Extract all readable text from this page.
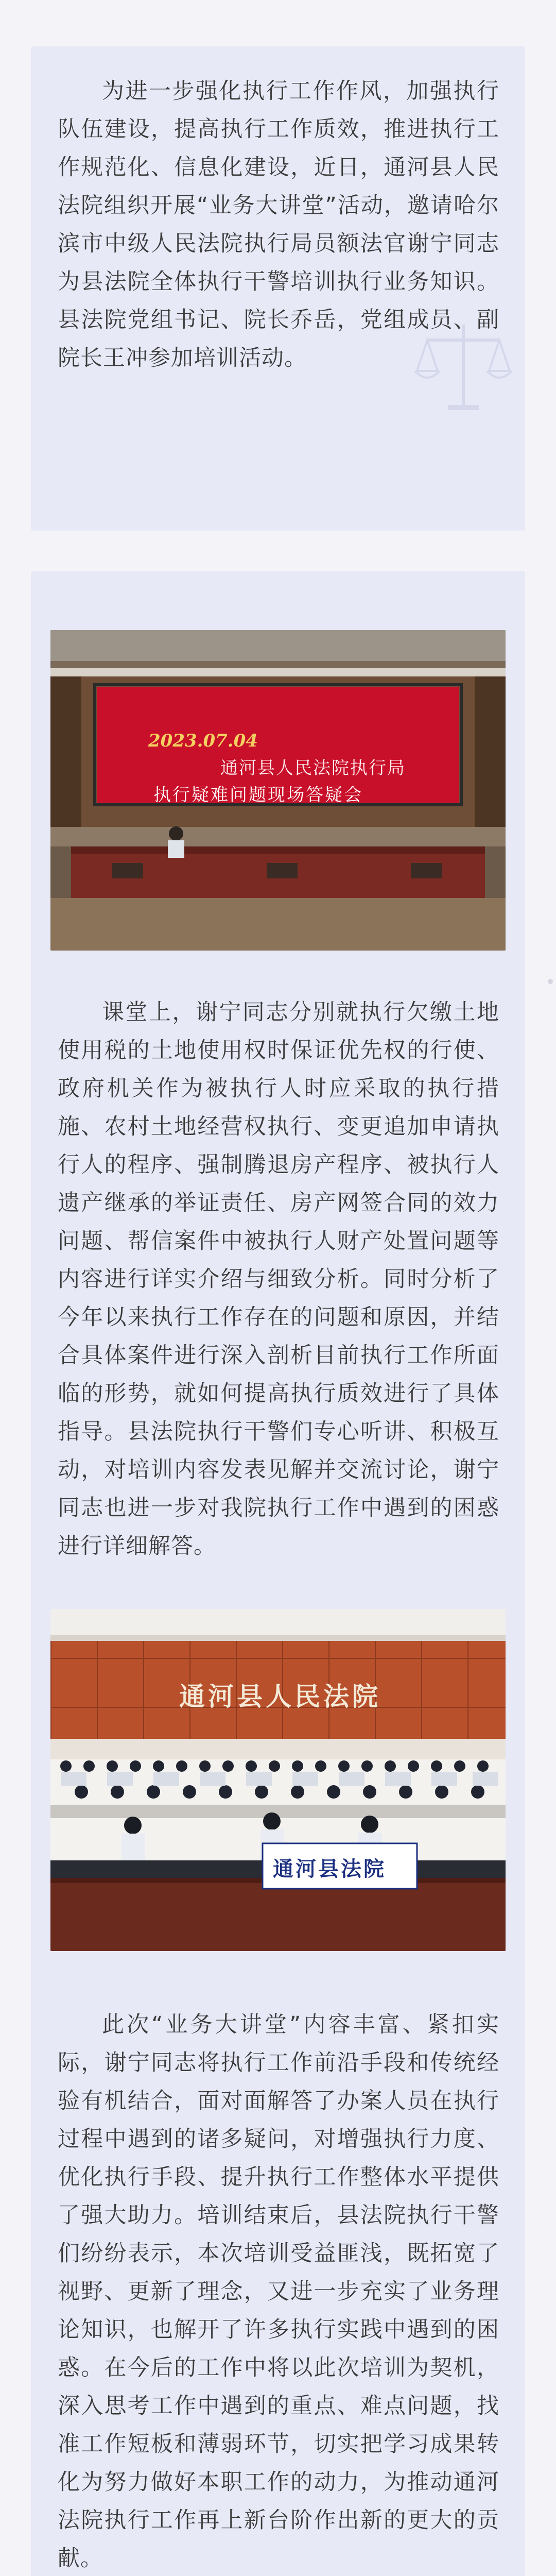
为进一步强化执行工作作风，加强执行队伍建设，提高执行工作质效，推进执行工作规范化、信息化建设，近日，通河县人民法院组织开展“业务大讲堂”活动，邀请哈尔滨市中级人民法院执行局员额法官谢宁同志为县法院全体执行干警培训执行业务知识。县法院党组书记、院长乔岳，党组成员、副院长王冲参加培训活动。

2023.07.04
通河县人民法院执行局
执行疑难问题现场答疑会

课堂上，谢宁同志分别就执行欠缴土地使用税的土地使用权时保证优先权的行使、政府机关作为被执行人时应采取的执行措施、农村土地经营权执行、变更追加申请执行人的程序、强制腾退房产程序、被执行人遗产继承的举证责任、房产网签合同的效力问题、帮信案件中被执行人财产处置问题等内容进行详实介绍与细致分析。同时分析了今年以来执行工作存在的问题和原因，并结合具体案件进行深入剖析目前执行工作所面临的形势，就如何提高执行质效进行了具体指导。县法院执行干警们专心听讲、积极互动，对培训内容发表见解并交流讨论，谢宁同志也进一步对我院执行工作中遇到的困惑进行详细解答。

通河县人民法院
通河县法院

此次“业务大讲堂”内容丰富、紧扣实际，谢宁同志将执行工作前沿手段和传统经验有机结合，面对面解答了办案人员在执行过程中遇到的诸多疑问，对增强执行力度、优化执行手段、提升执行工作整体水平提供了强大助力。培训结束后，县法院执行干警们纷纷表示，本次培训受益匪浅，既拓宽了视野、更新了理念，又进一步充实了业务理论知识，也解开了许多执行实践中遇到的困惑。在今后的工作中将以此次培训为契机，深入思考工作中遇到的重点、难点问题，找准工作短板和薄弱环节，切实把学习成果转化为努力做好本职工作的动力，为推动通河法院执行工作再上新台阶作出新的更大的贡献。
